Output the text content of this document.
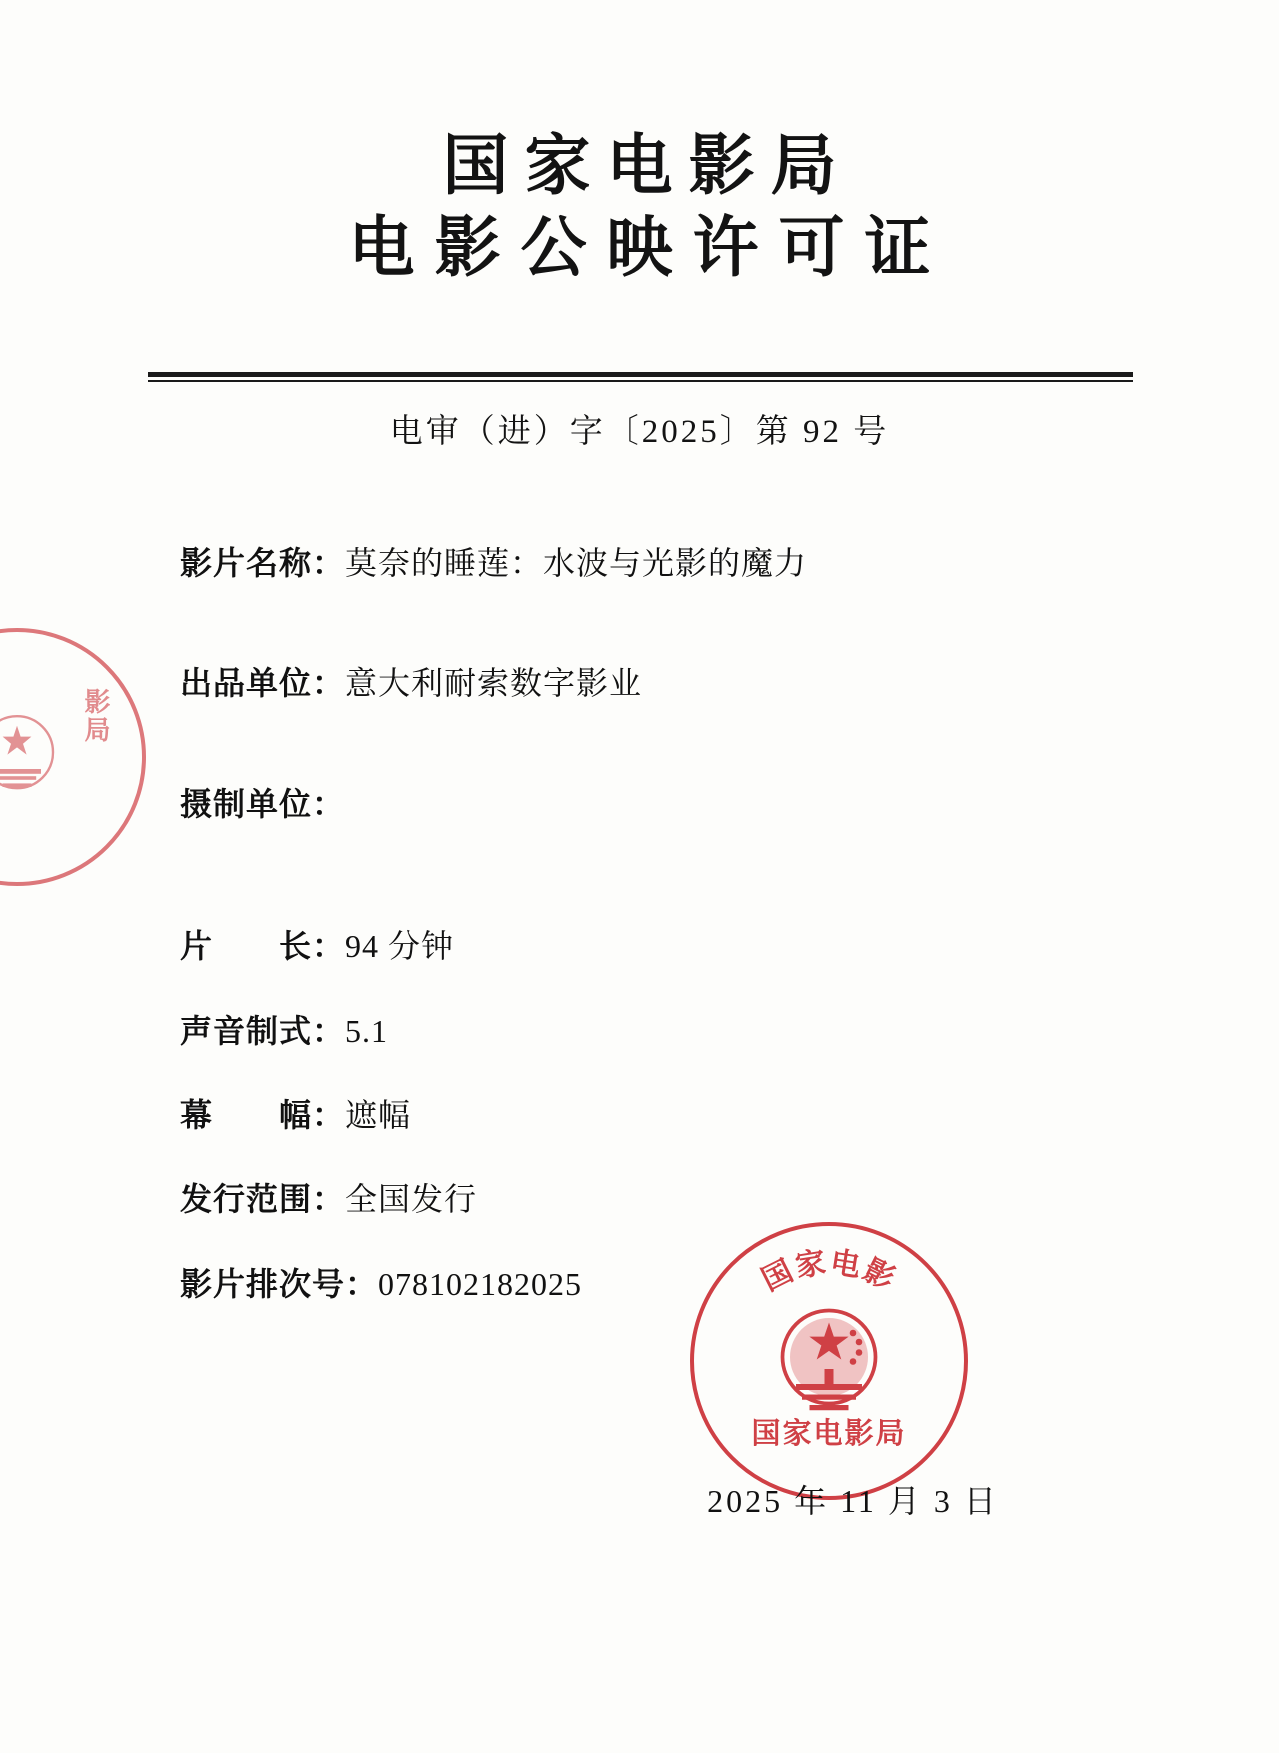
国家电影局
电影公映许可证
电审（进）字〔2025〕第 92 号
影片名称： 莫奈的睡莲：水波与光影的魔力
出品单位： 意大利耐索数字影业
摄制单位：
片　　长： 94 分钟
声音制式： 5.1
幕　　幅： 遮幅
发行范围： 全国发行
影片排次号： 078102182025
影局
国家电影
国家电影局
2025 年 11 月 3 日
